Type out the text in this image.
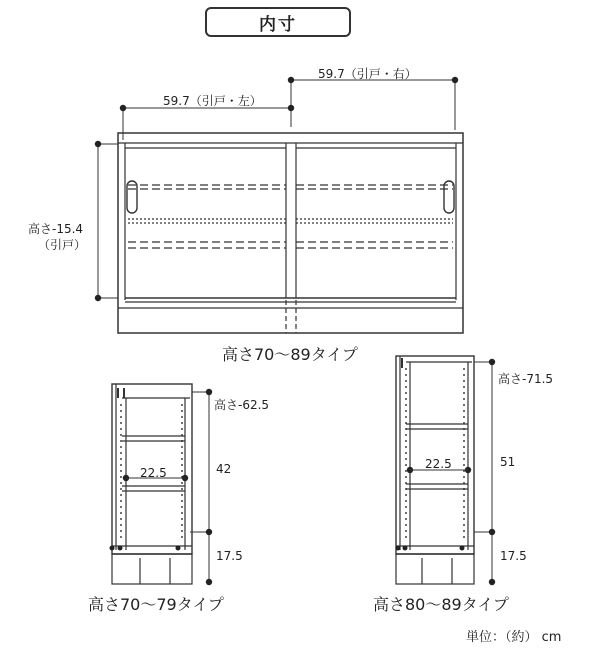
内寸
59.7（引戸・右）
59.7（引戸・左）
高さ-15.4
（引戸）
高さ70〜89タイプ
高さ-62.5
22.5	42
17.5
高さ70〜79タイプ
高さ-71.5
22.5	51
17.5
高さ80〜89タイプ
単位：（約） cm
